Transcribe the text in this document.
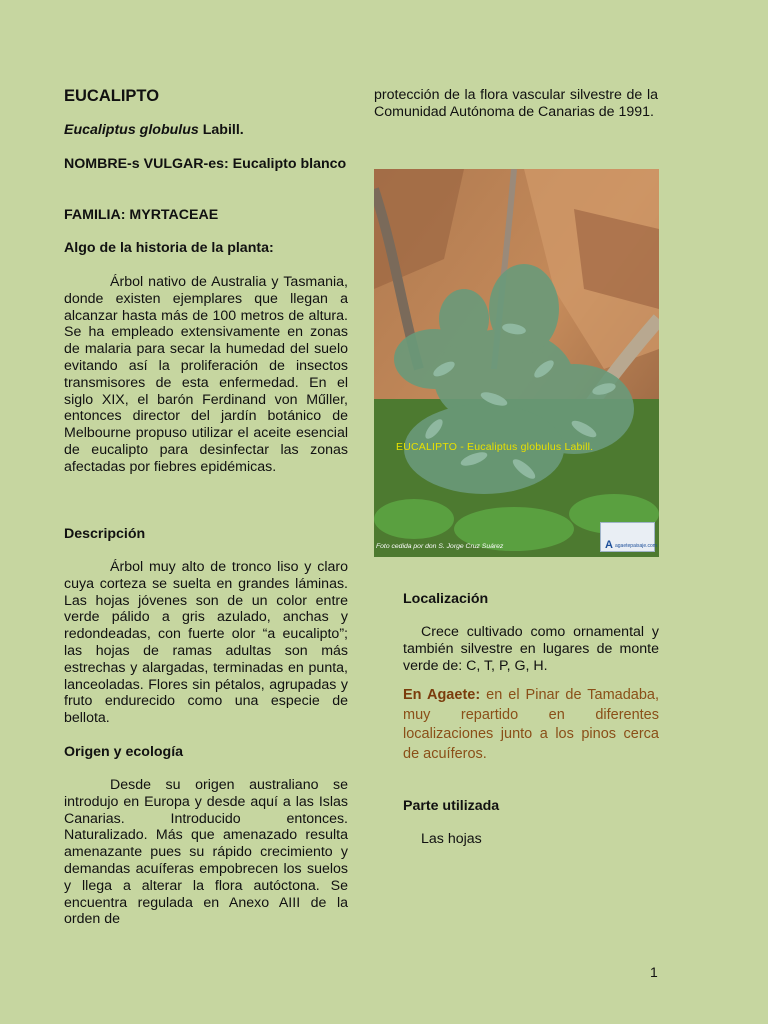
EUCALIPTO

Eucaliptus globulus Labill.

NOMBRE-s VULGAR-es: Eucalipto blanco

FAMILIA: MYRTACEAE

Algo de la historia de la planta:

Árbol nativo de Australia y Tasmania, donde existen ejemplares que llegan a alcanzar hasta más de 100 metros de altura. Se ha empleado extensivamente en zonas de malaria para secar la humedad del suelo evitando así la proliferación de insectos transmisores de esta enfermedad. En el siglo XIX, el barón Ferdinand von Műller, entonces director del jardín botánico de Melbourne propuso utilizar el aceite esencial de eucalipto para desinfectar las zonas afectadas por fiebres epidémicas.

Descripción

Árbol muy alto de tronco liso y claro cuya corteza se suelta en grandes láminas. Las hojas jóvenes son de un color entre verde pálido a gris azulado, anchas y redondeadas, con fuerte olor “a eucalipto”; las hojas de ramas adultas son más estrechas y alargadas, terminadas en punta, lanceoladas. Flores sin pétalos, agrupadas y fruto endurecido como una especie de bellota.

Origen y ecología

Desde su origen australiano se introdujo en Europa y desde aquí a las Islas Canarias. Introducido entonces. Naturalizado. Más que amenazado resulta amenazante pues su rápido crecimiento y demandas acuíferas empobrecen los suelos y llega a alterar la flora autóctona. Se encuentra regulada en Anexo AIII de la orden de

protección de la flora vascular silvestre de la Comunidad Autónoma de Canarias de 1991.

EUCALIPTO - Eucaliptus globulus Labill.
Foto cedida por don S. Jorge Cruz Suárez	A agaetepaisaje.com

Localización

Crece cultivado como ornamental y también silvestre en lugares de monte verde de: C, T, P, G, H.

En Agaete: en el Pinar de Tamadaba, muy repartido en diferentes localizaciones junto a los pinos cerca de acuíferos.

Parte utilizada

Las hojas

1
